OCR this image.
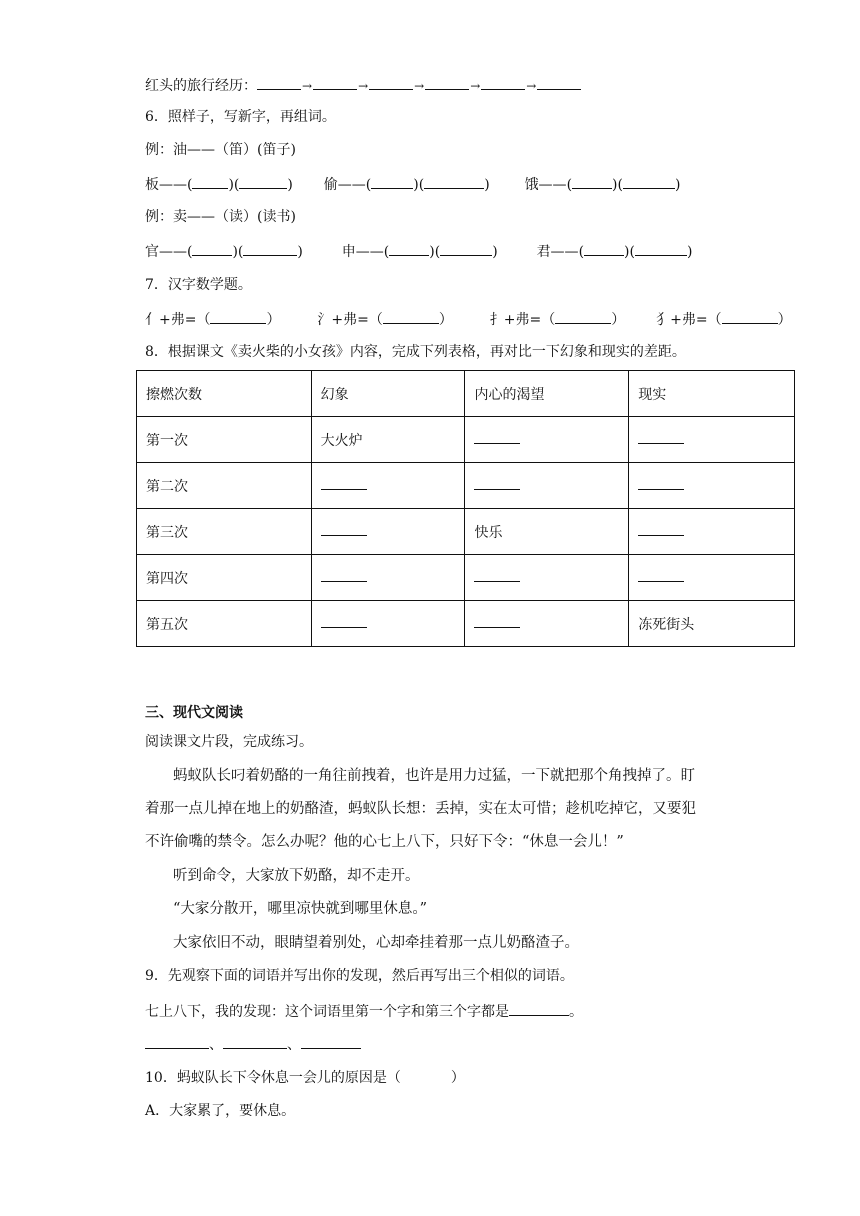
红头的旅行经历：	→	→	→	→	→
6．照样子，写新字，再组词。
例：油——（笛）(笛子)
板——(	)(	)  偷——(	)(	)  饿——(	)(	)
例：卖——（读）(读书)
官——(	)(	)  申——(	)(	)  君——(	)(	)
7．汉字数学题。
亻+弗=（	）	氵+弗=（	）	扌+弗=（	） 犭+弗=（	）
8．根据课文《卖火柴的小女孩》内容，完成下列表格，再对比一下幻象和现实的差距。
擦燃次数	幻象	内心的渴望	现实
第一次	大火炉		
第二次			
第三次		快乐	
第四次			
第五次			冻死街头
三、现代文阅读
阅读课文片段，完成练习。
蚂蚁队长叼着奶酪的一角往前拽着，也许是用力过猛，一下就把那个角拽掉了。盯
着那一点儿掉在地上的奶酪渣，蚂蚁队长想：丢掉，实在太可惜；趁机吃掉它，又要犯
不许偷嘴的禁令。怎么办呢？他的心七上八下，只好下令：“休息一会儿！”
听到命令，大家放下奶酪，却不走开。
“大家分散开，哪里凉快就到哪里休息。”
大家依旧不动，眼睛望着别处，心却牵挂着那一点儿奶酪渣子。
9．先观察下面的词语并写出你的发现，然后再写出三个相似的词语。
七上八下，我的发现：这个词语里第一个字和第三个字都是	。
、	、
10．蚂蚁队长下令休息一会儿的原因是（	）
A．大家累了，要休息。
